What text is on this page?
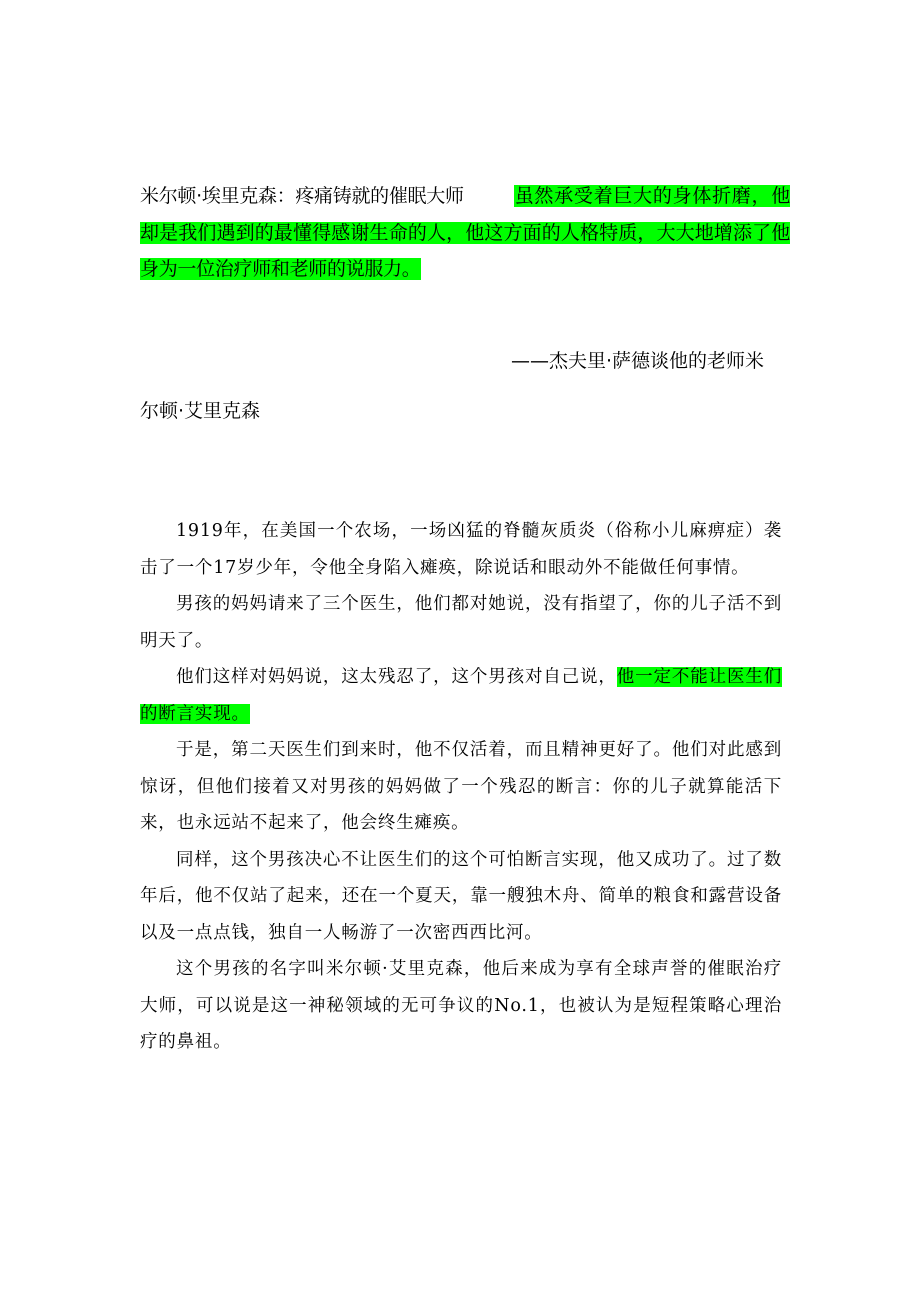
米尔顿·埃里克森：疼痛铸就的催眠大师	虽然承受着巨大的身体折磨，他却是我们遇到的最懂得感谢生命的人，他这方面的人格特质，大大地增添了他身为一位治疗师和老师的说服力。
——杰夫里·萨德谈他的老师米
尔顿·艾里克森

1919年，在美国一个农场，一场凶猛的脊髓灰质炎（俗称小儿麻痹症）袭击了一个17岁少年，令他全身陷入瘫痪，除说话和眼动外不能做任何事情。

男孩的妈妈请来了三个医生，他们都对她说，没有指望了，你的儿子活不到明天了。

他们这样对妈妈说，这太残忍了，这个男孩对自己说，他一定不能让医生们的断言实现。

于是，第二天医生们到来时，他不仅活着，而且精神更好了。他们对此感到惊讶，但他们接着又对男孩的妈妈做了一个残忍的断言：你的儿子就算能活下来，也永远站不起来了，他会终生瘫痪。

同样，这个男孩决心不让医生们的这个可怕断言实现，他又成功了。过了数年后，他不仅站了起来，还在一个夏天，靠一艘独木舟、简单的粮食和露营设备以及一点点钱，独自一人畅游了一次密西西比河。

这个男孩的名字叫米尔顿·艾里克森，他后来成为享有全球声誉的催眠治疗大师，可以说是这一神秘领域的无可争议的No.1，也被认为是短程策略心理治疗的鼻祖。
